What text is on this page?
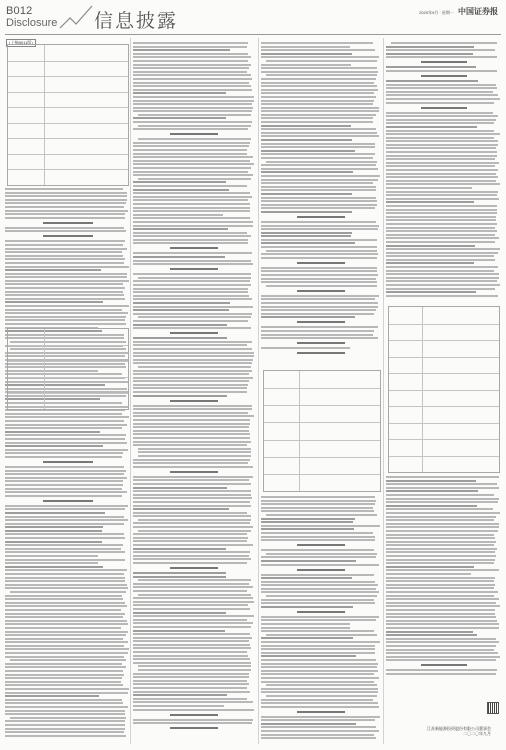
B012
Disclosure 信息披露	2020年9月 · 星期一 中国证券报
(上接B011版)
江苏新能源投资股份有限公司董事会
二〇二〇年九月
